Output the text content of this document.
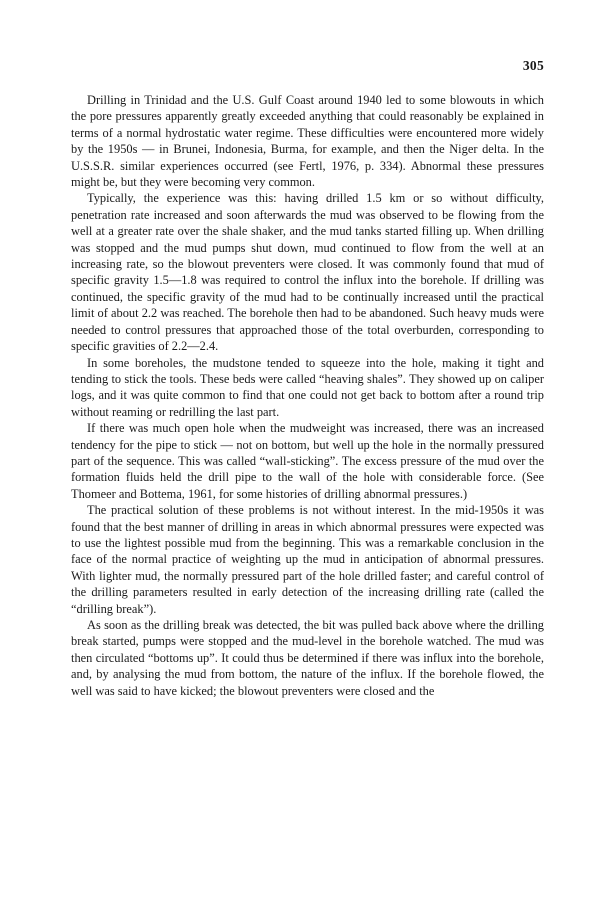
305

Drilling in Trinidad and the U.S. Gulf Coast around 1940 led to some blowouts in which the pore pressures apparently greatly exceeded anything that could reasonably be explained in terms of a normal hydrostatic water regime. These difficulties were encountered more widely by the 1950s — in Brunei, Indonesia, Burma, for example, and then the Niger delta. In the U.S.S.R. similar experiences occurred (see Fertl, 1976, p. 334). Abnormal these pressures might be, but they were becoming very common.

Typically, the experience was this: having drilled 1.5 km or so without difficulty, penetration rate increased and soon afterwards the mud was observed to be flowing from the well at a greater rate over the shale shaker, and the mud tanks started filling up. When drilling was stopped and the mud pumps shut down, mud continued to flow from the well at an increasing rate, so the blowout preventers were closed. It was commonly found that mud of specific gravity 1.5—1.8 was required to control the influx into the borehole. If drilling was continued, the specific gravity of the mud had to be continually increased until the practical limit of about 2.2 was reached. The borehole then had to be abandoned. Such heavy muds were needed to control pressures that approached those of the total overburden, corresponding to specific gravities of 2.2—2.4.

In some boreholes, the mudstone tended to squeeze into the hole, making it tight and tending to stick the tools. These beds were called “heaving shales”. They showed up on caliper logs, and it was quite common to find that one could not get back to bottom after a round trip without reaming or redrilling the last part.

If there was much open hole when the mudweight was increased, there was an increased tendency for the pipe to stick — not on bottom, but well up the hole in the normally pressured part of the sequence. This was called “wall-sticking”. The excess pressure of the mud over the formation fluids held the drill pipe to the wall of the hole with considerable force. (See Thomeer and Bottema, 1961, for some histories of drilling abnormal pressures.)

The practical solution of these problems is not without interest. In the mid-1950s it was found that the best manner of drilling in areas in which abnormal pressures were expected was to use the lightest possible mud from the beginning. This was a remarkable conclusion in the face of the normal practice of weighting up the mud in anticipation of abnormal pressures. With lighter mud, the normally pressured part of the hole drilled faster; and careful control of the drilling parameters resulted in early detection of the increasing drilling rate (called the “drilling break”).

As soon as the drilling break was detected, the bit was pulled back above where the drilling break started, pumps were stopped and the mud-level in the borehole watched. The mud was then circulated “bottoms up”. It could thus be determined if there was influx into the borehole, and, by analysing the mud from bottom, the nature of the influx. If the borehole flowed, the well was said to have kicked; the blowout preventers were closed and the
